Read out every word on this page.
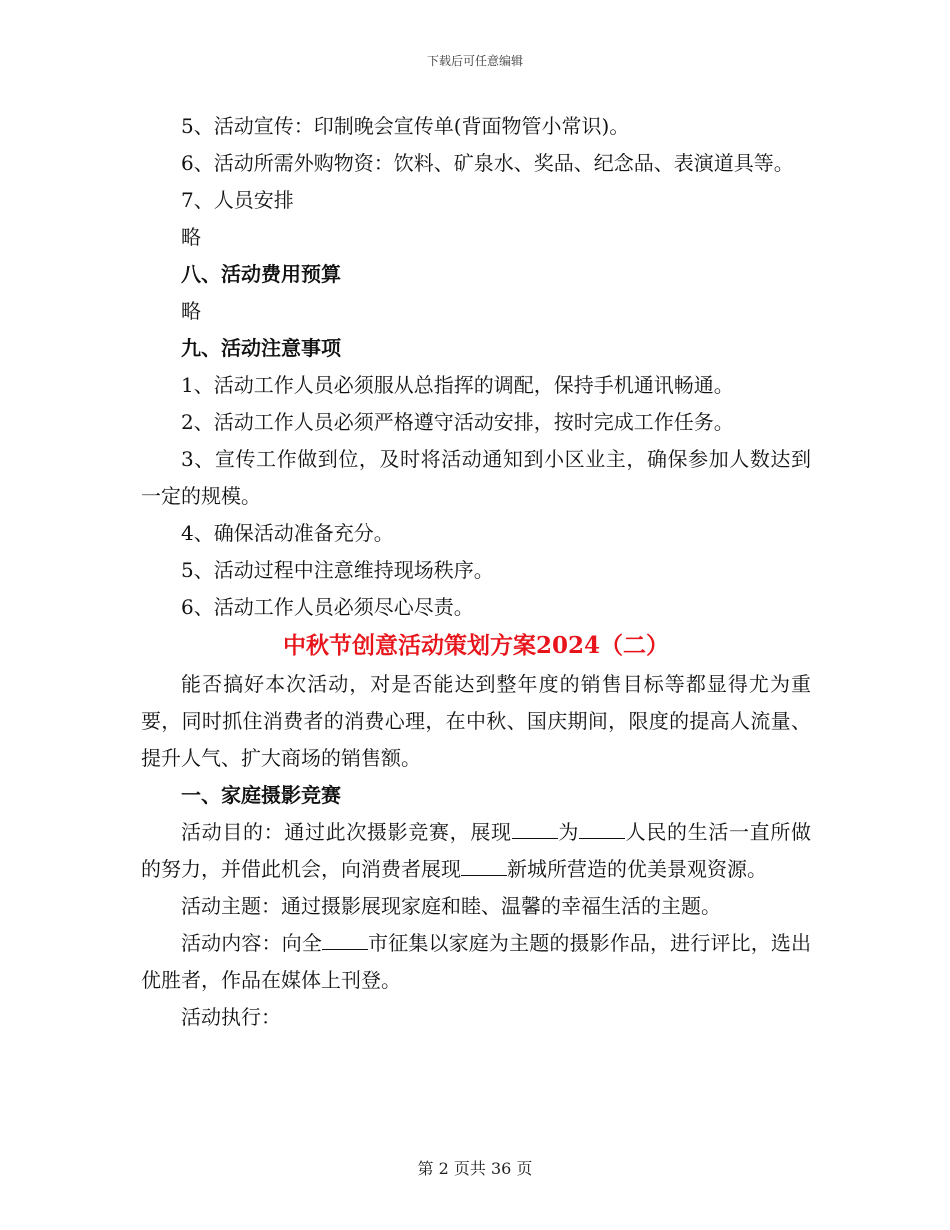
下载后可任意编辑

5、活动宣传：印制晚会宣传单(背面物管小常识)。

6、活动所需外购物资：饮料、矿泉水、奖品、纪念品、表演道具等。

7、人员安排

略

八、活动费用预算

略

九、活动注意事项

1、活动工作人员必须服从总指挥的调配，保持手机通讯畅通。

2、活动工作人员必须严格遵守活动安排，按时完成工作任务。

3、宣传工作做到位，及时将活动通知到小区业主，确保参加人数达到一定的规模。

4、确保活动准备充分。

5、活动过程中注意维持现场秩序。

6、活动工作人员必须尽心尽责。

中秋节创意活动策划方案2024（二）

能否搞好本次活动，对是否能达到整年度的销售目标等都显得尤为重要，同时抓住消费者的消费心理，在中秋、国庆期间，限度的提高人流量、提升人气、扩大商场的销售额。

一、家庭摄影竞赛

活动目的：通过此次摄影竞赛，展现 为 人民的生活一直所做的努力，并借此机会，向消费者展现 新城所营造的优美景观资源。

活动主题：通过摄影展现家庭和睦、温馨的幸福生活的主题。

活动内容：向全 市征集以家庭为主题的摄影作品，进行评比，选出优胜者，作品在媒体上刊登。

活动执行：

第 2 页共 36 页
